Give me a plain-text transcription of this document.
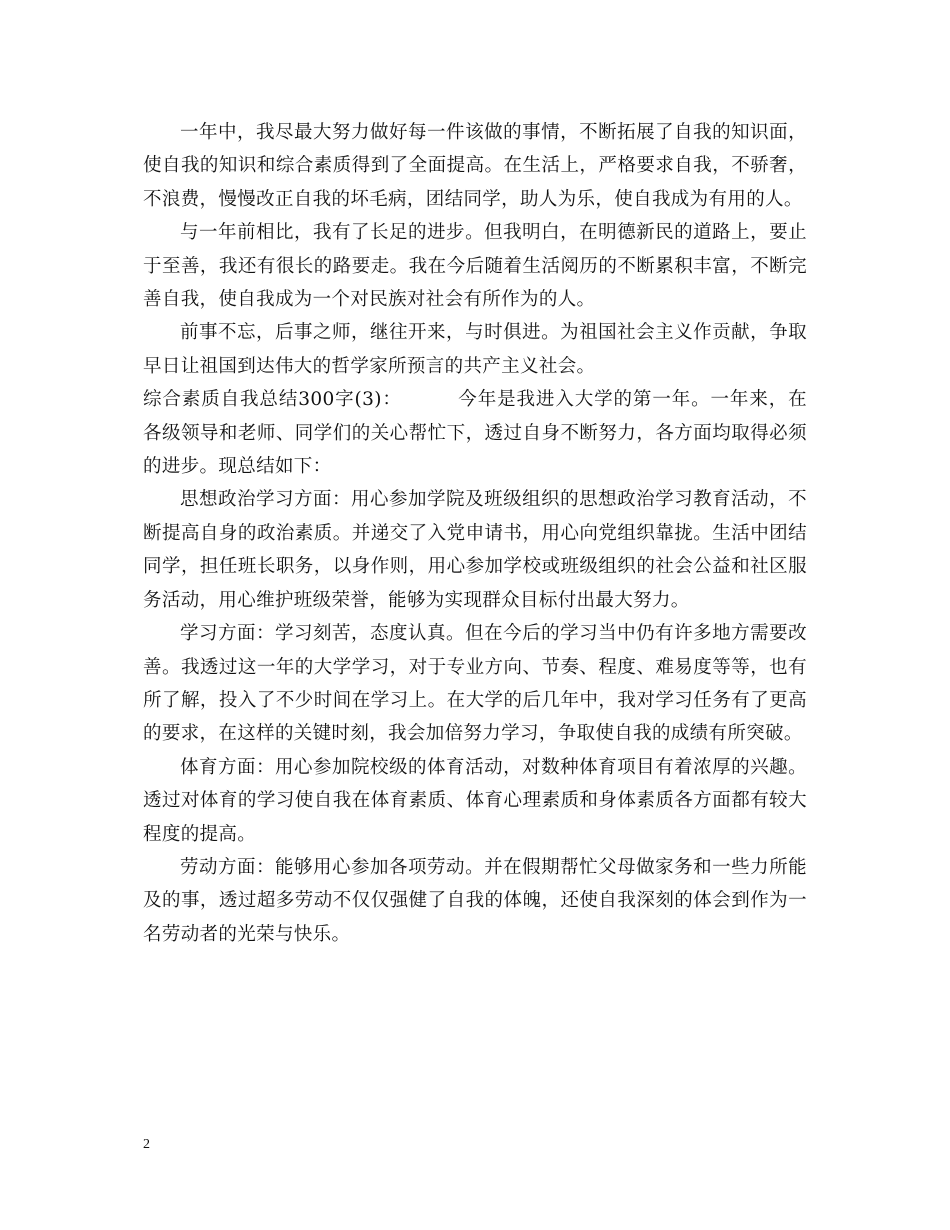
一年中，我尽最大努力做好每一件该做的事情，不断拓展了自我的知识面，使自我的知识和综合素质得到了全面提高。在生活上，严格要求自我，不骄奢，不浪费，慢慢改正自我的坏毛病，团结同学，助人为乐，使自我成为有用的人。

与一年前相比，我有了长足的进步。但我明白，在明德新民的道路上，要止于至善，我还有很长的路要走。我在今后随着生活阅历的不断累积丰富，不断完善自我，使自我成为一个对民族对社会有所作为的人。

前事不忘，后事之师，继往开来，与时俱进。为祖国社会主义作贡献，争取早日让祖国到达伟大的哲学家所预言的共产主义社会。

综合素质自我总结300字(3)：	今年是我进入大学的第一年。一年来，在各级领导和老师、同学们的关心帮忙下，透过自身不断努力，各方面均取得必须的进步。现总结如下：

思想政治学习方面：用心参加学院及班级组织的思想政治学习教育活动，不断提高自身的政治素质。并递交了入党申请书，用心向党组织靠拢。生活中团结同学，担任班长职务，以身作则，用心参加学校或班级组织的社会公益和社区服务活动，用心维护班级荣誉，能够为实现群众目标付出最大努力。

学习方面：学习刻苦，态度认真。但在今后的学习当中仍有许多地方需要改善。我透过这一年的大学学习，对于专业方向、节奏、程度、难易度等等，也有所了解，投入了不少时间在学习上。在大学的后几年中，我对学习任务有了更高的要求，在这样的关键时刻，我会加倍努力学习，争取使自我的成绩有所突破。

体育方面：用心参加院校级的体育活动，对数种体育项目有着浓厚的兴趣。透过对体育的学习使自我在体育素质、体育心理素质和身体素质各方面都有较大程度的提高。

劳动方面：能够用心参加各项劳动。并在假期帮忙父母做家务和一些力所能及的事，透过超多劳动不仅仅强健了自我的体魄，还使自我深刻的体会到作为一名劳动者的光荣与快乐。

2
